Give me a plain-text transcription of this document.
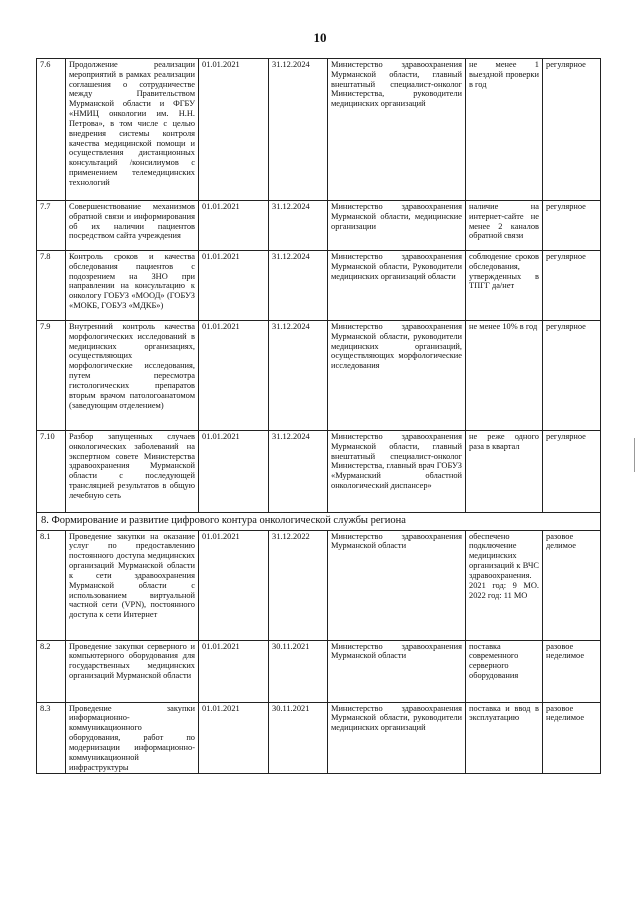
10
7.6	Продолжение реализации мероприятий в рамках реализации соглашения о сотрудничестве между Правительством Мурманской области и ФГБУ «НМИЦ онкологии им. Н.Н. Петрова», в том числе с целью внедрения системы контроля качества медицинской помощи и осуществления дистанционных консультаций /консилиумов с применением телемедицинских технологий	01.01.2021	31.12.2024	Министерство здравоохранения Мурманской области, главный внештатный специалист-онколог Министерства, руководители медицинских организаций	не менее 1 выездной проверки в год	регулярное
7.7	Совершенствование механизмов обратной связи и информирования об их наличии пациентов посредством сайта учреждения	01.01.2021	31.12.2024	Министерство здравоохранения Мурманской области, медицинские организации	наличие на интернет-сайте не менее 2 каналов обратной связи	регулярное
7.8	Контроль сроков и качества обследования пациентов с подозрением на ЗНО при направлении на консультацию к онкологу ГОБУЗ «МООД» (ГОБУЗ «МОКБ, ГОБУЗ «МДКБ»)	01.01.2021	31.12.2024	Министерство здравоохранения Мурманской области, Руководители медицинских организаций области	соблюдение сроков обследования, утвержденных в ТПГГ да/нет	регулярное
7.9	Внутренний контроль качества морфологических исследований в медицинских организациях, осуществляющих морфологические исследования, путем пересмотра гистологических препаратов вторым врачом патологоанатомом (заведующим отделением)	01.01.2021	31.12.2024	Министерство здравоохранения Мурманской области, руководители медицинских организаций, осуществляющих морфологические исследования	не менее 10% в год	регулярное
7.10	Разбор запущенных случаев онкологических заболеваний на экспертном совете Министерства здравоохранения Мурманской области с последующей трансляцией результатов в общую лечебную сеть	01.01.2021	31.12.2024	Министерство здравоохранения Мурманской области, главный внештатный специалист-онколог Министерства, главный врач ГОБУЗ «Мурманский областной онкологический диспансер»	не реже одного раза в квартал	регулярное
8. Формирование и развитие цифрового контура онкологической службы региона						
8.1	Проведение закупки на оказание услуг по предоставлению постоянного доступа медицинских организаций Мурманской области к сети здравоохранения Мурманской области с использованием виртуальной частной сети (VPN), постоянного доступа к сети Интернет	01.01.2021	31.12.2022	Министерство здравоохранения Мурманской области	обеспечено подключение медицинских организаций к ВЧС здравоохранения. 2021 год: 9 МО. 2022 год: 11 МО	разовое делимое
8.2	Проведение закупки серверного и компьютерного оборудования для государственных медицинских организаций Мурманской области	01.01.2021	30.11.2021	Министерство здравоохранения Мурманской области	поставка современного серверного оборудования	разовое неделимое
8.3	Проведение закупки информационно-коммуникационного оборудования, работ по модернизации информационно-коммуникационной инфраструктуры	01.01.2021	30.11.2021	Министерство здравоохранения Мурманской области, руководители медицинских организаций	поставка и ввод в эксплуатацию	разовое неделимое
